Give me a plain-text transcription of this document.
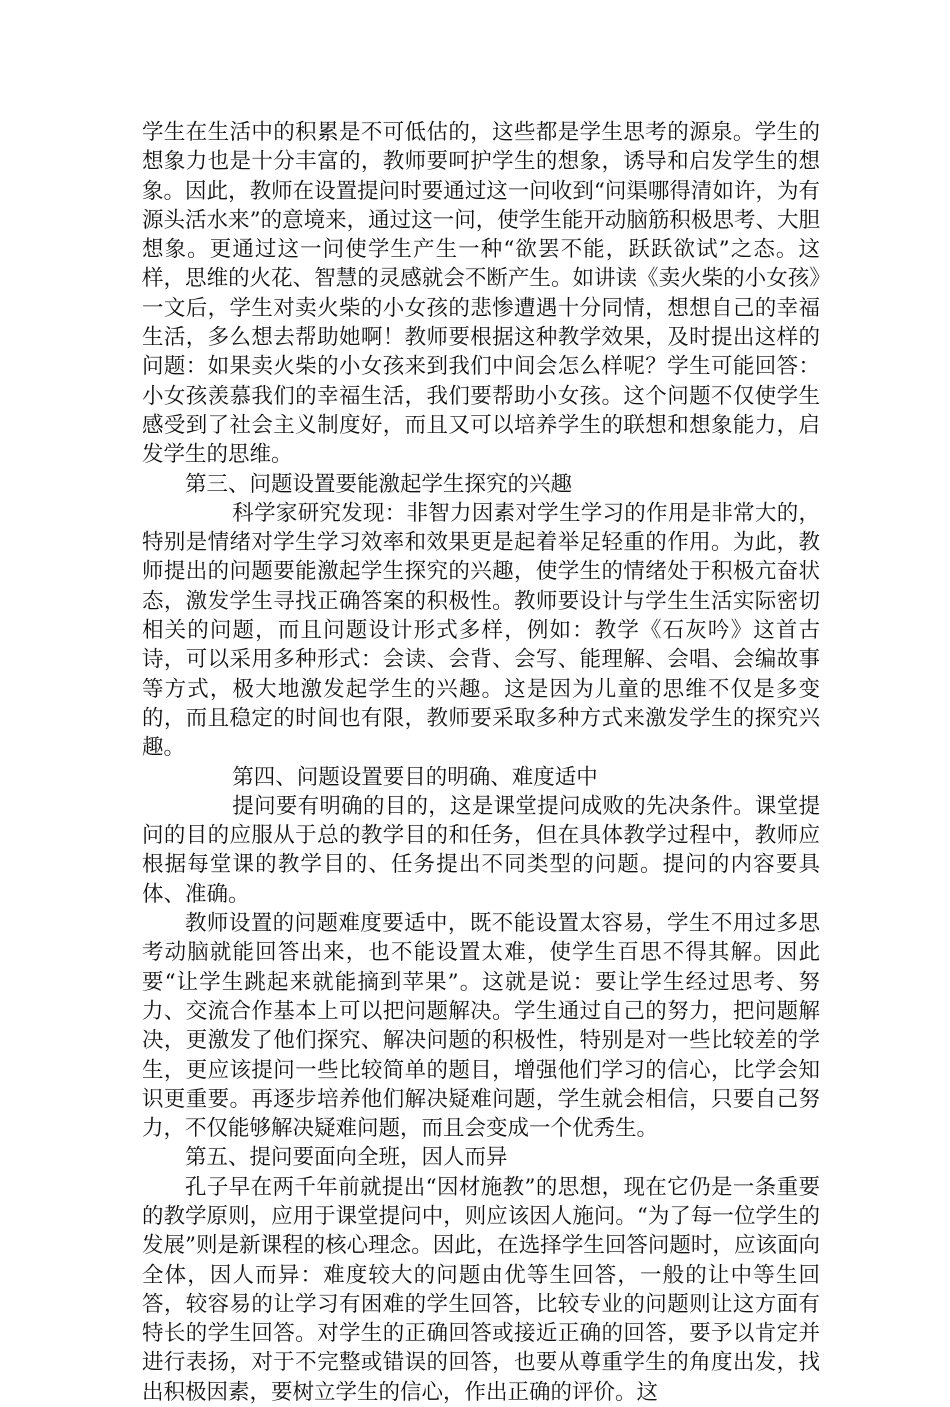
学生在生活中的积累是不可低估的，这些都是学生思考的源泉。学生的想象力也是十分丰富的，教师要呵护学生的想象，诱导和启发学生的想象。因此，教师在设置提问时要通过这一问收到“问渠哪得清如许，为有源头活水来”的意境来，通过这一问，使学生能开动脑筋积极思考、大胆想象。更通过这一问使学生产生一种“欲罢不能，跃跃欲试”之态。这样，思维的火花、智慧的灵感就会不断产生。如讲读《卖火柴的小女孩》一文后，学生对卖火柴的小女孩的悲惨遭遇十分同情，想想自己的幸福生活，多么想去帮助她啊！教师要根据这种教学效果，及时提出这样的问题：如果卖火柴的小女孩来到我们中间会怎么样呢？学生可能回答：小女孩羡慕我们的幸福生活，我们要帮助小女孩。这个问题不仅使学生感受到了社会主义制度好，而且又可以培养学生的联想和想象能力，启发学生的思维。

第三、问题设置要能激起学生探究的兴趣

科学家研究发现：非智力因素对学生学习的作用是非常大的，特别是情绪对学生学习效率和效果更是起着举足轻重的作用。为此，教师提出的问题要能激起学生探究的兴趣，使学生的情绪处于积极亢奋状态，激发学生寻找正确答案的积极性。教师要设计与学生生活实际密切相关的问题，而且问题设计形式多样，例如：教学《石灰吟》这首古诗，可以采用多种形式：会读、会背、会写、能理解、会唱、会编故事等方式，极大地激发起学生的兴趣。这是因为儿童的思维不仅是多变的，而且稳定的时间也有限，教师要采取多种方式来激发学生的探究兴趣。

第四、问题设置要目的明确、难度适中

提问要有明确的目的，这是课堂提问成败的先决条件。课堂提问的目的应服从于总的教学目的和任务，但在具体教学过程中，教师应根据每堂课的教学目的、任务提出不同类型的问题。提问的内容要具体、准确。

教师设置的问题难度要适中，既不能设置太容易，学生不用过多思考动脑就能回答出来，也不能设置太难，使学生百思不得其解。因此要“让学生跳起来就能摘到苹果”。这就是说：要让学生经过思考、努力、交流合作基本上可以把问题解决。学生通过自己的努力，把问题解决，更激发了他们探究、解决问题的积极性，特别是对一些比较差的学生，更应该提问一些比较简单的题目，增强他们学习的信心，比学会知识更重要。再逐步培养他们解决疑难问题，学生就会相信，只要自己努力，不仅能够解决疑难问题，而且会变成一个优秀生。

第五、提问要面向全班，因人而异

孔子早在两千年前就提出“因材施教”的思想，现在它仍是一条重要的教学原则，应用于课堂提问中，则应该因人施问。“为了每一位学生的发展”则是新课程的核心理念。因此，在选择学生回答问题时，应该面向全体，因人而异：难度较大的问题由优等生回答，一般的让中等生回答，较容易的让学习有困难的学生回答，比较专业的问题则让这方面有特长的学生回答。对学生的正确回答或接近正确的回答，要予以肯定并进行表扬，对于不完整或错误的回答，也要从尊重学生的角度出发，找出积极因素，要树立学生的信心，作出正确的评价。这
